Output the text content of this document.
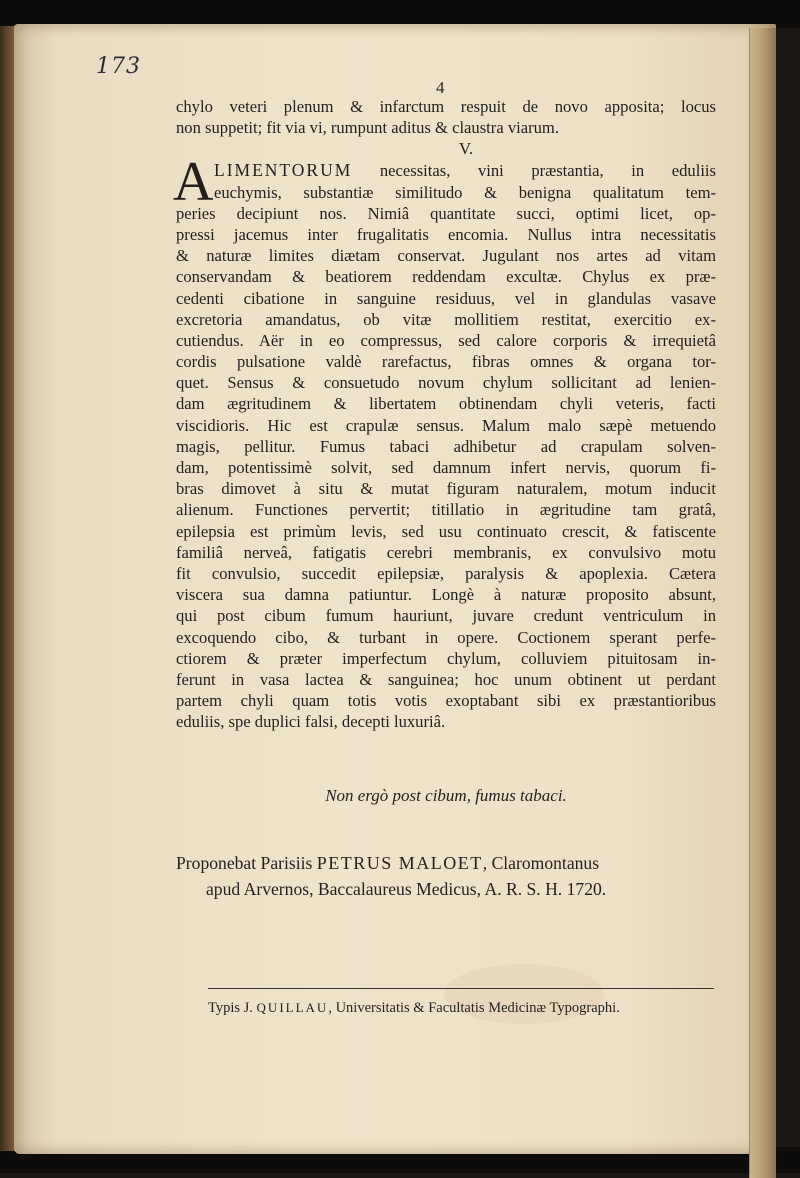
173
4
chylo veteri plenum & infarctum respuit de novo apposita; locus
non suppetit; fit via vi, rumpunt aditus & claustra viarum.
V.
A LIMENTORUM necessitas, vini præstantia, in eduliis
euchymis, substantiæ similitudo & benigna qualitatum tem-
peries decipiunt nos. Nimiâ quantitate succi, optimi licet, op-
pressi jacemus inter frugalitatis encomia. Nullus intra necessitatis
& naturæ limites diætam conservat. Jugulant nos artes ad vitam
conservandam & beatiorem reddendam excultæ. Chylus ex præ-
cedenti cibatione in sanguine residuus, vel in glandulas vasave
excretoria amandatus, ob vitæ mollitiem restitat, exercitio ex-
cutiendus. Aër in eo compressus, sed calore corporis & irrequietâ
cordis pulsatione valdè rarefactus, fibras omnes & organa tor-
quet. Sensus & consuetudo novum chylum sollicitant ad lenien-
dam ægritudinem & libertatem obtinendam chyli veteris, facti
viscidioris. Hic est crapulæ sensus. Malum malo sæpè metuendo
magis, pellitur. Fumus tabaci adhibetur ad crapulam solven-
dam, potentissimè solvit, sed damnum infert nervis, quorum fi-
bras dimovet à situ & mutat figuram naturalem, motum inducit
alienum. Functiones pervertit; titillatio in ægritudine tam gratâ,
epilepsia est primùm levis, sed usu continuato crescit, & fatiscente
familiâ nerveâ, fatigatis cerebri membranis, ex convulsivo motu
fit convulsio, succedit epilepsiæ, paralysis & apoplexia. Cætera
viscera sua damna patiuntur. Longè à naturæ proposito absunt,
qui post cibum fumum hauriunt, juvare credunt ventriculum in
excoquendo cibo, & turbant in opere. Coctionem sperant perfe-
ctiorem & præter imperfectum chylum, colluviem pituitosam in-
ferunt in vasa lactea & sanguinea; hoc unum obtinent ut perdant
partem chyli quam totis votis exoptabant sibi ex præstantioribus
eduliis, spe duplici falsi, decepti luxuriâ.
Non ergò post cibum, fumus tabaci.
Proponebat Parisiis PETRUS MALOET, Claromontanus
apud Arvernos, Baccalaureus Medicus, A. R. S. H. 1720.
Typis J. QUILLAU, Universitatis & Facultatis Medicinæ Typographi.
